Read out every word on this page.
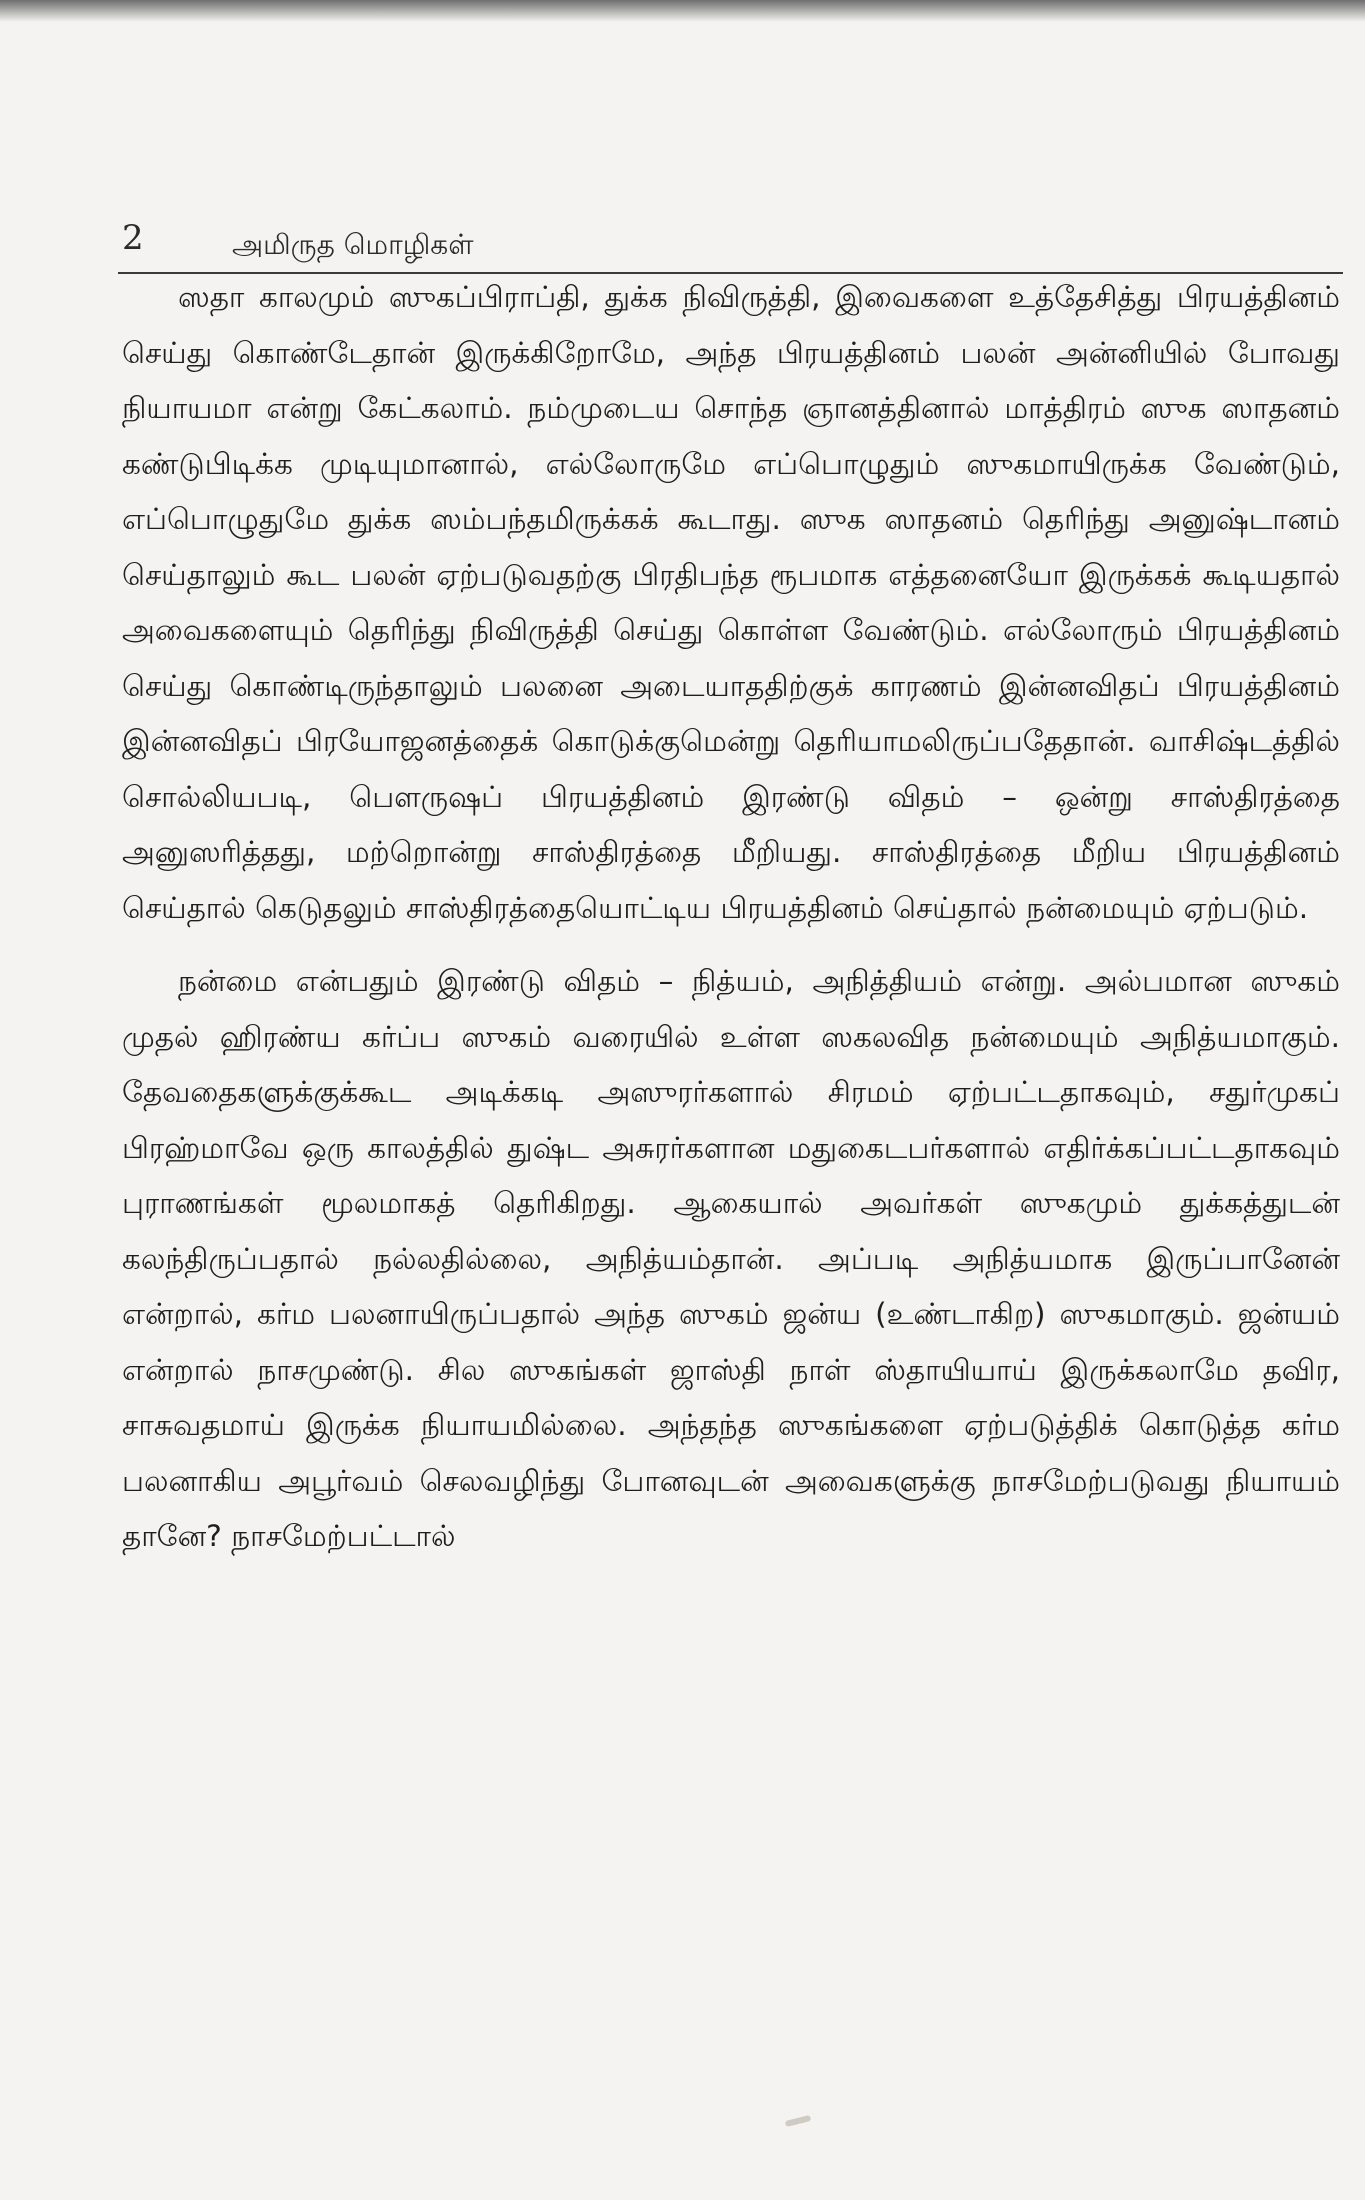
2	அமிருத மொழிகள்

ஸதா காலமும் ஸுகப்பிராப்தி, துக்க நிவிருத்தி, இவைகளை உத்தேசித்து பிரயத்தினம் செய்து கொண்டேதான் இருக்கிறோமே, அந்த பிரயத்தினம் பலன் அன்னியில் போவது நியாயமா என்று கேட்கலாம். நம்முடைய சொந்த ஞானத்தினால் மாத்திரம் ஸுக ஸாதனம் கண்டுபிடிக்க முடியுமானால், எல்லோருமே எப்பொழுதும் ஸுகமாயிருக்க வேண்டும், எப்பொழுதுமே துக்க ஸம்பந்தமிருக்கக் கூடாது. ஸுக ஸாதனம் தெரிந்து அனுஷ்டானம் செய்தாலும் கூட பலன் ஏற்படுவதற்கு பிரதிபந்த ரூபமாக எத்தனையோ இருக்கக் கூடியதால் அவைகளையும் தெரிந்து நிவிருத்தி செய்து கொள்ள வேண்டும். எல்லோரும் பிரயத்தினம் செய்து கொண்டிருந்தாலும் பலனை அடையாததிற்குக் காரணம் இன்னவிதப் பிரயத்தினம் இன்னவிதப் பிரயோஜனத்தைக் கொடுக்குமென்று தெரியாமலிருப்பதேதான். வாசிஷ்டத்தில் சொல்லியபடி, பௌருஷப் பிரயத்தினம் இரண்டு விதம் – ஒன்று சாஸ்திரத்தை அனுஸரித்தது, மற்றொன்று சாஸ்திரத்தை மீறியது. சாஸ்திரத்தை மீறிய பிரயத்தினம் செய்தால் கெடுதலும் சாஸ்திரத்தையொட்டிய பிரயத்தினம் செய்தால் நன்மையும் ஏற்படும்.

நன்மை என்பதும் இரண்டு விதம் – நித்யம், அநித்தியம் என்று. அல்பமான ஸுகம் முதல் ஹிரண்ய கர்ப்ப ஸுகம் வரையில் உள்ள ஸகலவித நன்மையும் அநித்யமாகும். தேவதைகளுக்குக்கூட அடிக்கடி அஸுரர்களால் சிரமம் ஏற்பட்டதாகவும், சதுர்முகப் பிரஹ்மாவே ஒரு காலத்தில் துஷ்ட அசுரர்களான மதுகைடபர்களால் எதிர்க்கப்பட்டதாகவும் புராணங்கள் மூலமாகத் தெரிகிறது. ஆகையால் அவர்கள் ஸுகமும் துக்கத்துடன் கலந்திருப்பதால் நல்லதில்லை, அநித்யம்தான். அப்படி அநித்யமாக இருப்பானேன் என்றால், கர்ம பலனாயிருப்பதால் அந்த ஸுகம் ஜன்ய (உண்டாகிற) ஸுகமாகும். ஜன்யம் என்றால் நாசமுண்டு. சில ஸுகங்கள் ஜாஸ்தி நாள் ஸ்தாயியாய் இருக்கலாமே தவிர, சாசுவதமாய் இருக்க நியாயமில்லை. அந்தந்த ஸுகங்களை ஏற்படுத்திக் கொடுத்த கர்ம பலனாகிய அபூர்வம் செலவழிந்து போனவுடன் அவைகளுக்கு நாசமேற்படுவது நியாயம் தானே? நாசமேற்பட்டால்
